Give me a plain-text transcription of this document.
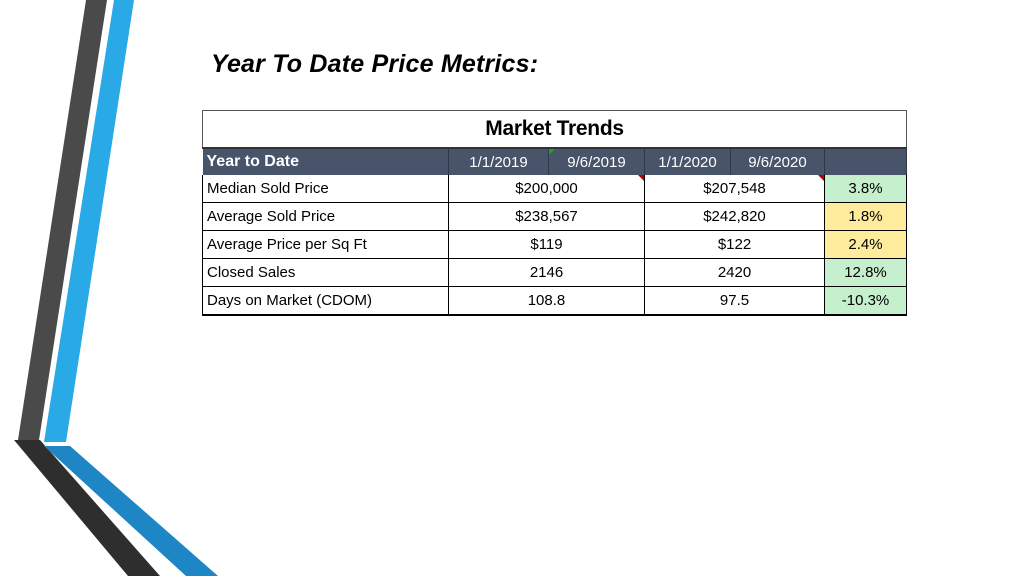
Year To Date Price Metrics:
Market Trends					
Year to Date	1/1/2019	9/6/2019	1/1/2020	9/6/2020	
Median Sold Price	$200,000		$207,548		3.8%
Average Sold Price	$238,567		$242,820		1.8%
Average Price per Sq Ft	$119		$122		2.4%
Closed Sales	2146		2420		12.8%
Days on Market (CDOM)	108.8		97.5		-10.3%
